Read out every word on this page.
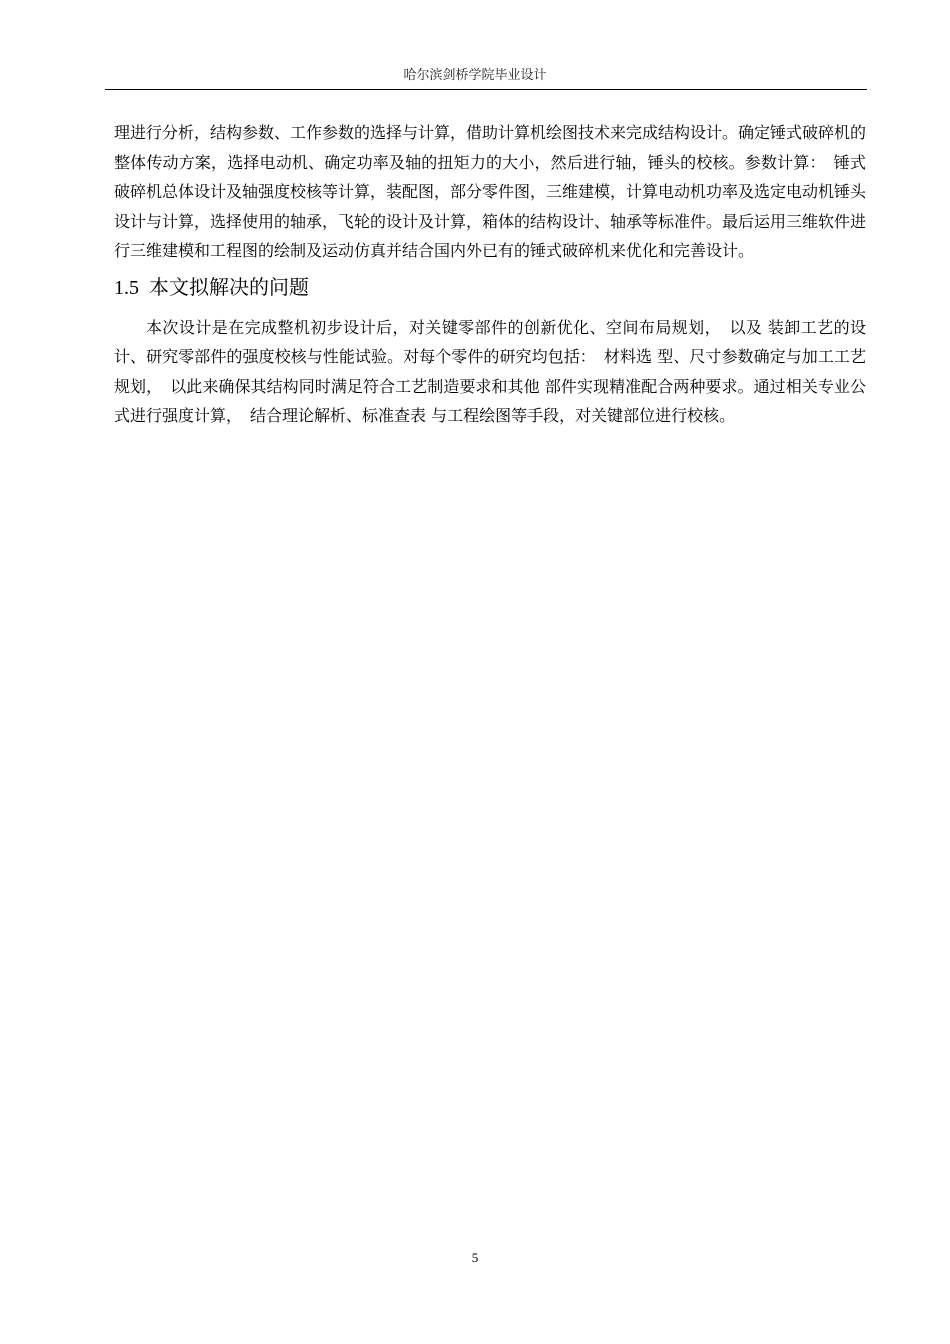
哈尔滨剑桥学院毕业设计

理进行分析，结构参数、工作参数的选择与计算，借助计算机绘图技术来完成结构设计。确定锤式破碎机的整体传动方案，选择电动机、确定功率及轴的扭矩力的大小，然后进行轴，锤头的校核。参数计算：　锤式破碎机总体设计及轴强度校核等计算，装配图，部分零件图，三维建模，计算电动机功率及选定电动机锤头设计与计算，选择使用的轴承，飞轮的设计及计算，箱体的结构设计、轴承等标准件。最后运用三维软件进行三维建模和工程图的绘制及运动仿真并结合国内外已有的锤式破碎机来优化和完善设计。

1.5 本文拟解决的问题

本次设计是在完成整机初步设计后，对关键零部件的创新优化、空间布局规划，　以及 装卸工艺的设计、研究零部件的强度校核与性能试验。对每个零件的研究均包括：　材料选 型、尺寸参数确定与加工工艺规划，　以此来确保其结构同时满足符合工艺制造要求和其他 部件实现精准配合两种要求。通过相关专业公式进行强度计算，　结合理论解析、标准查表 与工程绘图等手段，对关键部位进行校核。

5
